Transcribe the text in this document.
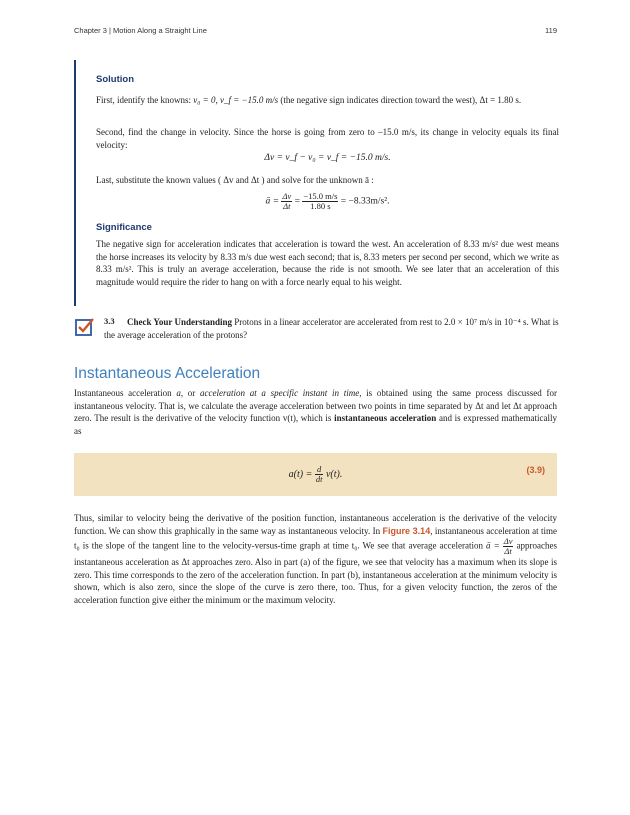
Chapter 3 | Motion Along a Straight Line	119
Solution

First, identify the knowns: v₀ = 0, v_f = −15.0 m/s (the negative sign indicates direction toward the west), Δt = 1.80 s.

Second, find the change in velocity. Since the horse is going from zero to –15.0 m/s, its change in velocity equals its final velocity:

Δv = v_f − v₀ = v_f = −15.0 m/s.

Last, substitute the known values ( Δv and Δt ) and solve for the unknown ā :

ā = $\frac{\Delta v}{\Delta t} = \frac{-15.0 m/s}{1.80 s} = -8.33m/s^2$.
Significance

The negative sign for acceleration indicates that acceleration is toward the west. An acceleration of 8.33 m/s² due west means the horse increases its velocity by 8.33 m/s due west each second; that is, 8.33 meters per second per second, which we write as 8.33 m/s². This is truly an average acceleration, because the ride is not smooth. We see later that an acceleration of this magnitude would require the rider to hang on with a force nearly equal to his weight.

3.3	Check Your Understanding Protons in a linear accelerator are accelerated from rest to 2.0 × 10⁷ m/s in 10⁻⁴ s. What is the average acceleration of the protons?
Instantaneous Acceleration

Instantaneous acceleration a, or acceleration at a specific instant in time, is obtained using the same process discussed for instantaneous velocity. That is, we calculate the average acceleration between two points in time separated by Δt and let Δt approach zero. The result is the derivative of the velocity function v(t), which is instantaneous acceleration and is expressed mathematically as

$a(t) = \frac{d}{dt} v(t)$.	(3.9)

Thus, similar to velocity being the derivative of the position function, instantaneous acceleration is the derivative of the velocity function. We can show this graphically in the same way as instantaneous velocity. In Figure 3.14, instantaneous acceleration at time t₀ is the slope of the tangent line to the velocity-versus-time graph at time t₀. We see that average acceleration ā = $\frac{\Delta v}{\Delta t}$ approaches instantaneous acceleration as Δt approaches zero. Also in part (a) of the figure, we see that velocity has a maximum when its slope is zero. This time corresponds to the zero of the acceleration function. In part (b), instantaneous acceleration at the minimum velocity is shown, which is also zero, since the slope of the curve is zero there, too. Thus, for a given velocity function, the zeros of the acceleration function give either the minimum or the maximum velocity.
